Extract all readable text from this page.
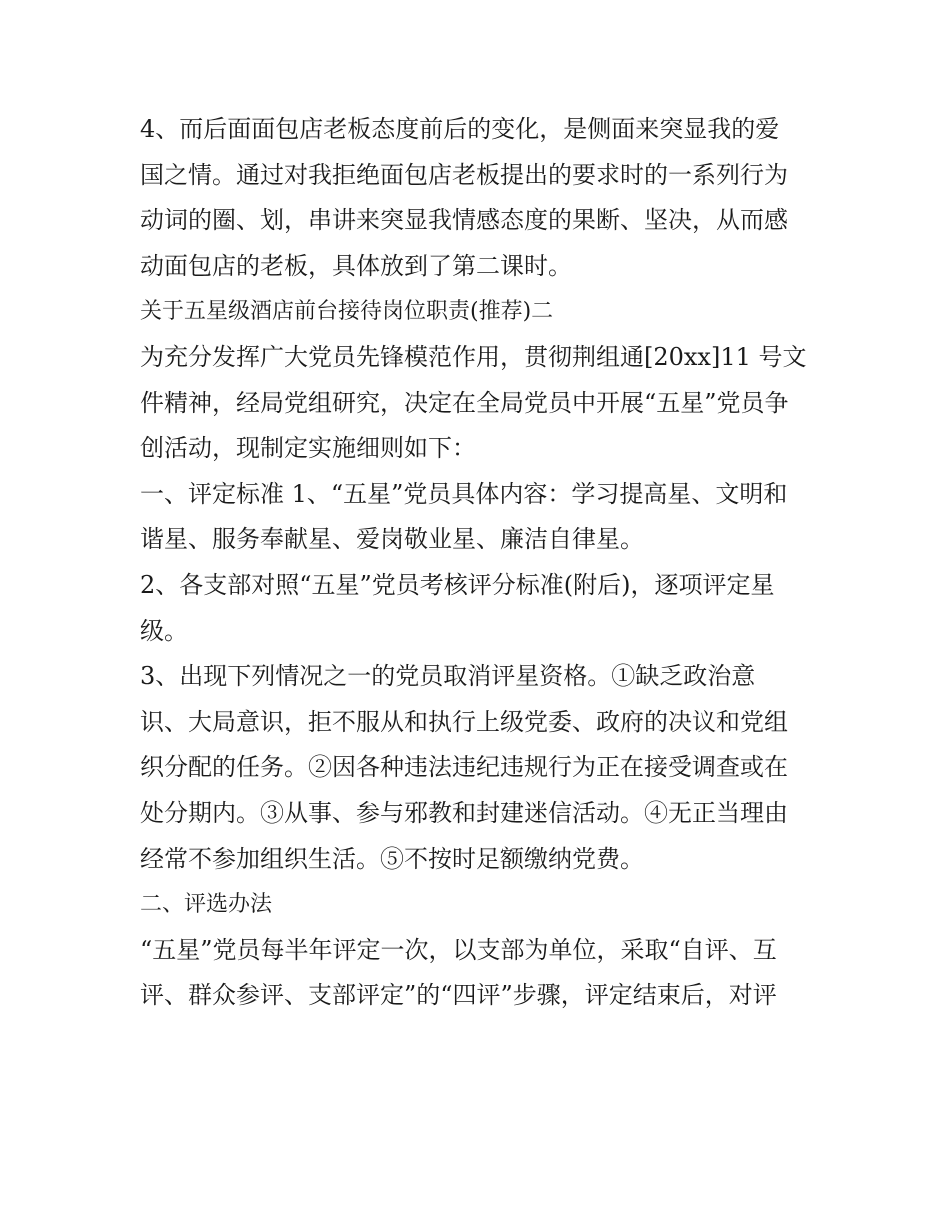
4、而后面面包店老板态度前后的变化，是侧面来突显我的爱
国之情。通过对我拒绝面包店老板提出的要求时的一系列行为
动词的圈、划，串讲来突显我情感态度的果断、坚决，从而感
动面包店的老板，具体放到了第二课时。
关于五星级酒店前台接待岗位职责(推荐)二
为充分发挥广大党员先锋模范作用，贯彻荆组通[20xx]11 号文
件精神，经局党组研究，决定在全局党员中开展“五星”党员争
创活动，现制定实施细则如下：
一、评定标准 1、“五星”党员具体内容：学习提高星、文明和
谐星、服务奉献星、爱岗敬业星、廉洁自律星。
2、各支部对照“五星”党员考核评分标准(附后)，逐项评定星
级。
3、出现下列情况之一的党员取消评星资格。①缺乏政治意
识、大局意识，拒不服从和执行上级党委、政府的决议和党组
织分配的任务。②因各种违法违纪违规行为正在接受调查或在
处分期内。③从事、参与邪教和封建迷信活动。④无正当理由
经常不参加组织生活。⑤不按时足额缴纳党费。
二、评选办法
“五星”党员每半年评定一次，以支部为单位，采取“自评、互
评、群众参评、支部评定”的“四评”步骤，评定结束后，对评
